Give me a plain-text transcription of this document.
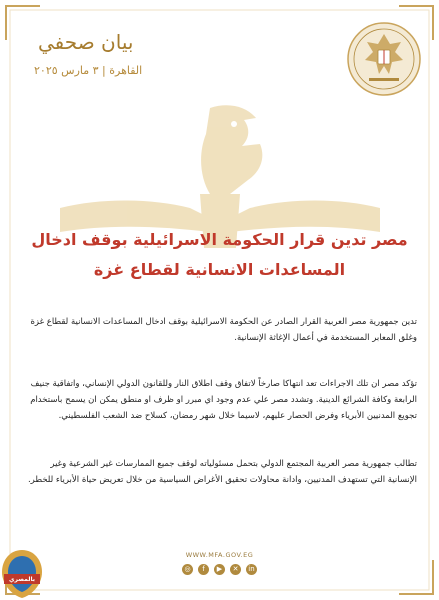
بيان صحفي
القاهرة | ٣ مارس ٢٠٢٥
مصر تدين قرار الحكومة الاسرائيلية بوقف ادخال
المساعدات الانسانية لقطاع غزة
تدين جمهورية مصر العربية القرار الصادر عن الحكومة الاسرائيلية بوقف ادخال المساعدات الانسانية لقطاع غزة وغلق المعابر المستخدمة في أعمال الإغاثة الإنسانية.
تؤكد مصر ان تلك الاجراءات تعد انتهاكا صارخاً لاتفاق وقف اطلاق النار وللقانون الدولي الإنساني، واتفاقية جنيف الرابعة وكافة الشرائع الدينية. وتشدد مصر علي عدم وجود اي مبرر او ظرف او منطق يمكن ان يسمح باستخدام تجويع المدنيين الأبرياء وفرض الحصار عليهم، لاسيما خلال شهر رمضان، كسلاح ضد الشعب الفلسطيني.
تطالب جمهورية مصر العربية المجتمع الدولي بتحمل مسئولياته لوقف جميع الممارسات غير الشرعية وغير الإنسانية التي تستهدف المدنيين، وادانة محاولات تحقيق الأغراض السياسية من خلال تعريض حياة الأبرياء للخطر.
WWW.MFA.GOV.EG
◎	f	▶	✕	in
بالمصري
